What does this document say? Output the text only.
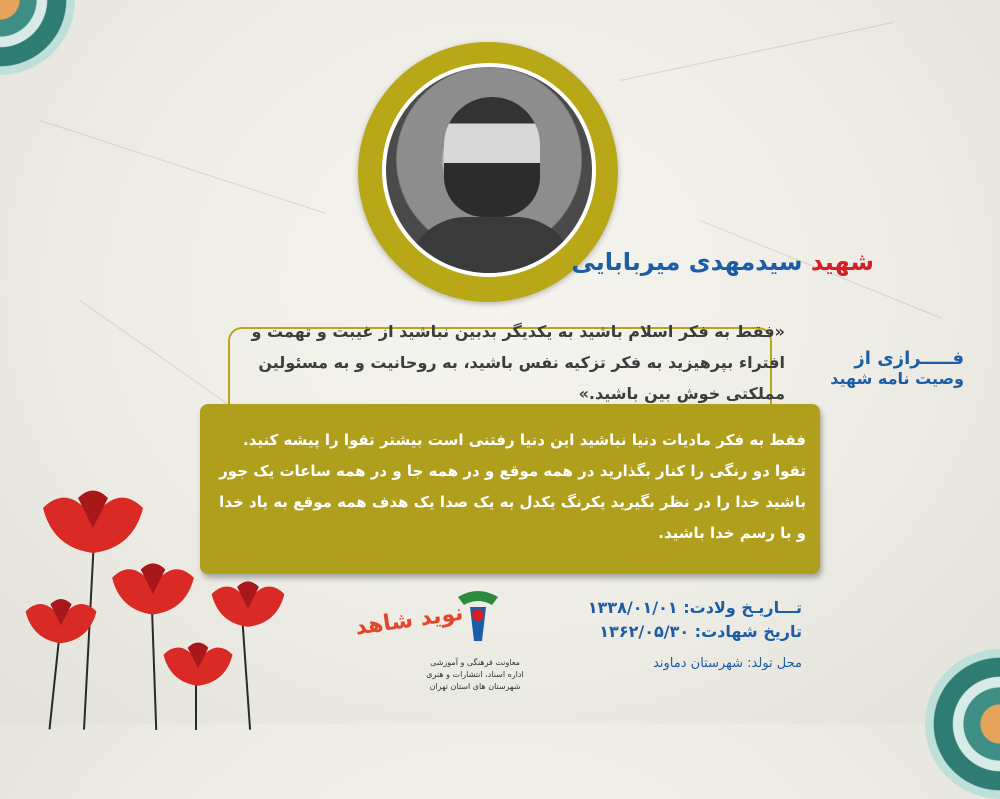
شهید سیدمهدی میربابایی
«فقط به فکر اسلام باشید به یکدیگر بدبین نباشید از غیبت و تهمت و افتراء بپرهیزید به فکر تزکیه نفس باشید، به روحانیت و به مسئولین مملکتی خوش بین باشید.»
فـــــرازی از
وصیت نامه شهید
فقط به فکر مادیات دنیا نباشید این دنیا رفتنی است بیشتر تقوا را پیشه کنید. تقوا دو رنگی را کنار بگذارید در همه موقع و در همه جا و در همه ساعات یک جور باشید خدا را در نظر بگیرید یکرنگ یکدل به یک صدا یک هدف همه موقع به یاد خدا و با رسم خدا باشید.
تـــاریـخ ولادت: ۱۳۳۸/۰۱/۰۱
تاریخ شهادت: ۱۳۶۲/۰۵/۳۰
محل تولد: شهرستان دماوند
معاونت فرهنگی و آموزشی
اداره اسناد، انتشارات و هنری
شهرستان های استان تهران
نوید شاهد
